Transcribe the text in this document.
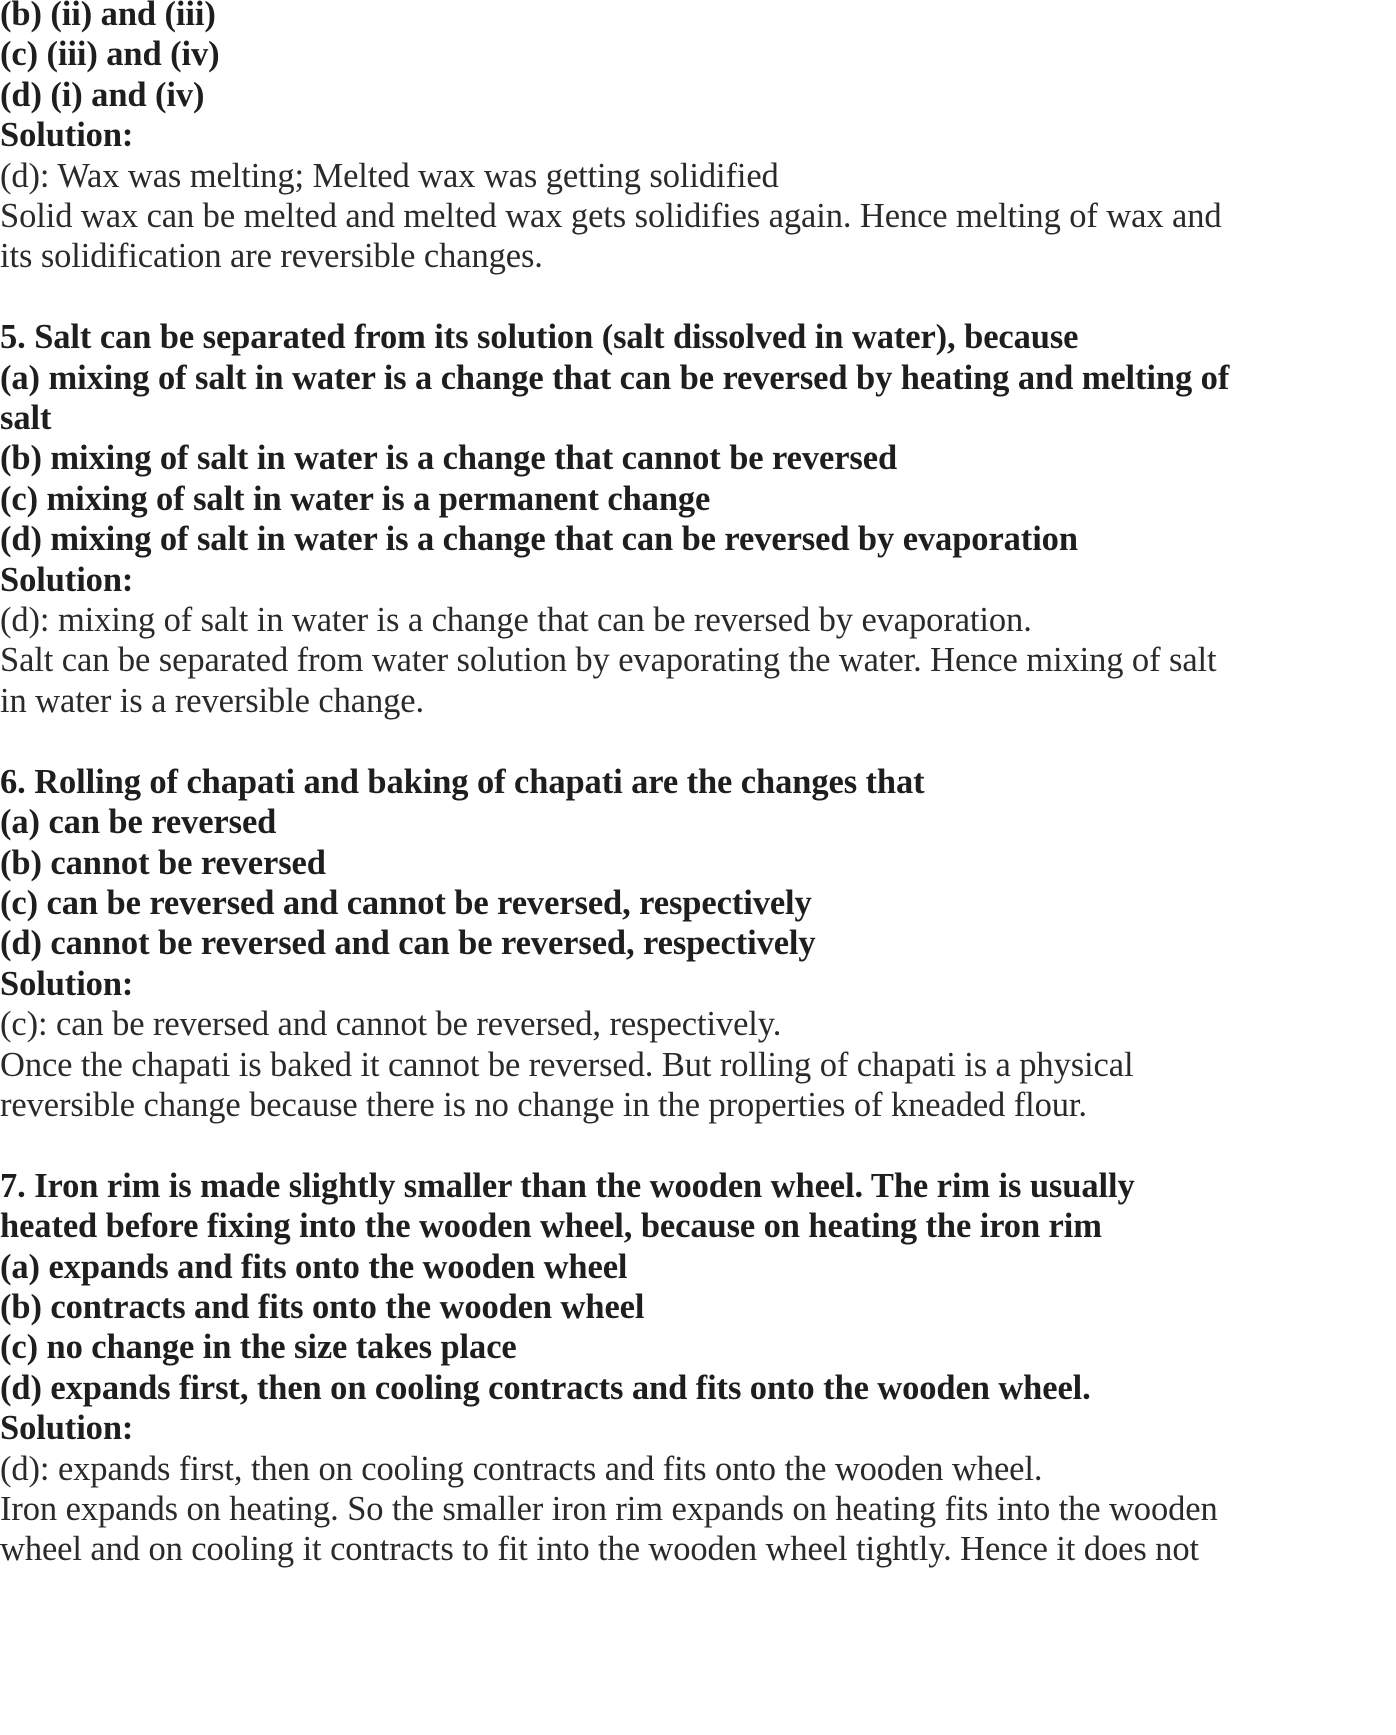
(b) (ii) and (iii)
(c) (iii) and (iv)
(d) (i) and (iv)
Solution:
(d): Wax was melting; Melted wax was getting solidified
Solid wax can be melted and melted wax gets solidifies again. Hence melting of wax and
its solidification are reversible changes.
5. Salt can be separated from its solution (salt dissolved in water), because
(a) mixing of salt in water is a change that can be reversed by heating and melting of
salt
(b) mixing of salt in water is a change that cannot be reversed
(c) mixing of salt in water is a permanent change
(d) mixing of salt in water is a change that can be reversed by evaporation
Solution:
(d): mixing of salt in water is a change that can be reversed by evaporation.
Salt can be separated from water solution by evaporating the water. Hence mixing of salt
in water is a reversible change.
6. Rolling of chapati and baking of chapati are the changes that
(a) can be reversed
(b) cannot be reversed
(c) can be reversed and cannot be reversed, respectively
(d) cannot be reversed and can be reversed, respectively
Solution:
(c): can be reversed and cannot be reversed, respectively.
Once the chapati is baked it cannot be reversed. But rolling of chapati is a physical
reversible change because there is no change in the properties of kneaded flour.
7. Iron rim is made slightly smaller than the wooden wheel. The rim is usually
heated before fixing into the wooden wheel, because on heating the iron rim
(a) expands and fits onto the wooden wheel
(b) contracts and fits onto the wooden wheel
(c) no change in the size takes place
(d) expands first, then on cooling contracts and fits onto the wooden wheel.
Solution:
(d): expands first, then on cooling contracts and fits onto the wooden wheel.
Iron expands on heating. So the smaller iron rim expands on heating fits into the wooden
wheel and on cooling it contracts to fit into the wooden wheel tightly. Hence it does not
